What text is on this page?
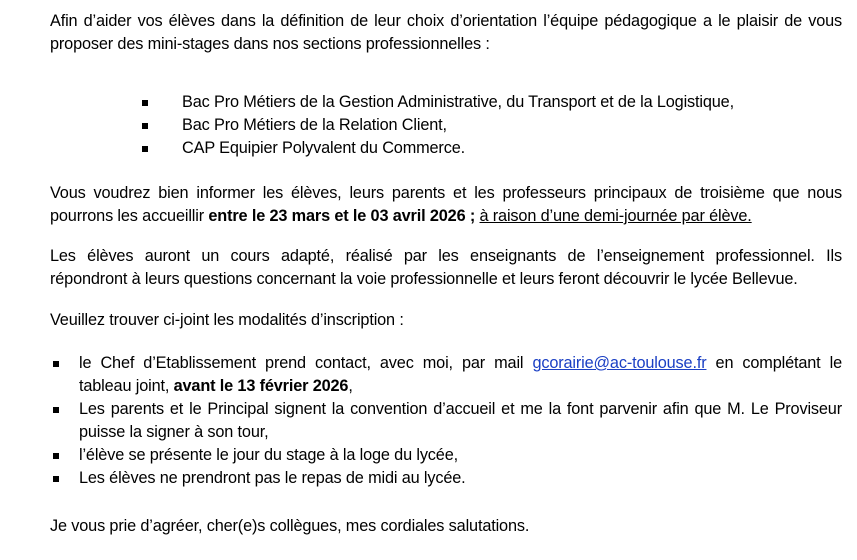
Afin d’aider vos élèves dans la définition de leur choix d’orientation l’équipe pédagogique a le plaisir de vous

proposer des mini-stages dans nos sections professionnelles :

Bac Pro Métiers de la Gestion Administrative, du Transport et de la Logistique,
Bac Pro Métiers de la Relation Client,
CAP Equipier Polyvalent du Commerce.

Vous voudrez bien informer les élèves, leurs parents et les professeurs principaux de troisième que nous

pourrons les accueillir entre le 23 mars et le 03 avril 2026 ; à raison d’une demi-journée par élève.

Les élèves auront un cours adapté, réalisé par les enseignants de l’enseignement professionnel. Ils

répondront à leurs questions concernant la voie professionnelle et leurs feront découvrir le lycée Bellevue.

Veuillez trouver ci-joint les modalités d’inscription :

le Chef d’Etablissement prend contact, avec moi, par mail gcorairie@ac-toulouse.fr en complétant le
tableau joint, avant le 13 février 2026,
Les parents et le Principal signent la convention d’accueil et me la font parvenir afin que M. Le Proviseur
puisse la signer à son tour,
l’élève se présente le jour du stage à la loge du lycée,
Les élèves ne prendront pas le repas de midi au lycée.

Je vous prie d’agréer, cher(e)s collègues, mes cordiales salutations.
